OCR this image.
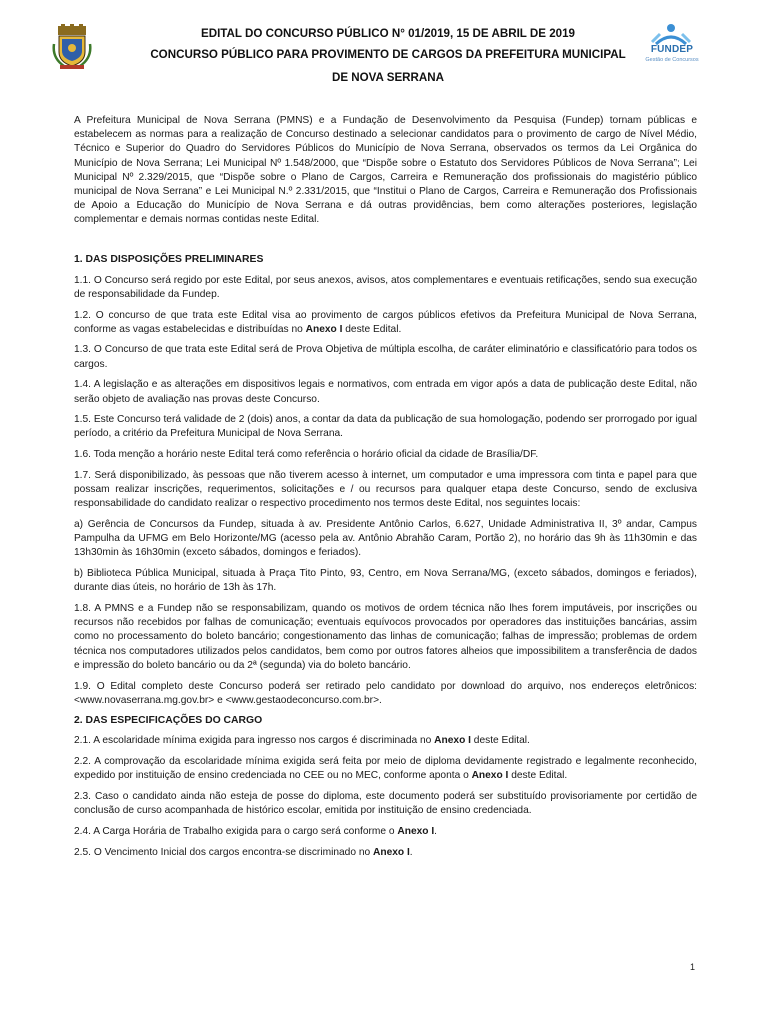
FUNDEP
Gestão de Concursos
EDITAL DO CONCURSO PÚBLICO N° 01/2019, 15 DE ABRIL DE 2019
CONCURSO PÚBLICO PARA PROVIMENTO DE CARGOS DA PREFEITURA MUNICIPAL
DE NOVA SERRANA

A Prefeitura Municipal de Nova Serrana (PMNS) e a Fundação de Desenvolvimento da Pesquisa (Fundep) tornam públicas e estabelecem as normas para a realização de Concurso destinado a selecionar candidatos para o provimento de cargo de Nível Médio, Técnico e Superior do Quadro do Servidores Públicos do Município de Nova Serrana, observados os termos da Lei Orgânica do Município de Nova Serrana; Lei Municipal Nº 1.548/2000, que “Dispõe sobre o Estatuto dos Servidores Públicos de Nova Serrana”; Lei Municipal Nº 2.329/2015, que “Dispõe sobre o Plano de Cargos, Carreira e Remuneração dos profissionais do magistério público municipal de Nova Serrana” e Lei Municipal N.º 2.331/2015, que “Institui o Plano de Cargos, Carreira e Remuneração dos Profissionais de Apoio a Educação do Município de Nova Serrana e dá outras providências, bem como alterações posteriores, legislação complementar e demais normas contidas neste Edital.

1. DAS DISPOSIÇÕES PRELIMINARES

1.1. O Concurso será regido por este Edital, por seus anexos, avisos, atos complementares e eventuais retificações, sendo sua execução de responsabilidade da Fundep.

1.2. O concurso de que trata este Edital visa ao provimento de cargos públicos efetivos da Prefeitura Municipal de Nova Serrana, conforme as vagas estabelecidas e distribuídas no Anexo I deste Edital.

1.3. O Concurso de que trata este Edital será de Prova Objetiva de múltipla escolha, de caráter eliminatório e classificatório para todos os cargos.

1.4. A legislação e as alterações em dispositivos legais e normativos, com entrada em vigor após a data de publicação deste Edital, não serão objeto de avaliação nas provas deste Concurso.

1.5. Este Concurso terá validade de 2 (dois) anos, a contar da data da publicação de sua homologação, podendo ser prorrogado por igual período, a critério da Prefeitura Municipal de Nova Serrana.

1.6. Toda menção a horário neste Edital terá como referência o horário oficial da cidade de Brasília/DF.

1.7. Será disponibilizado, às pessoas que não tiverem acesso à internet, um computador e uma impressora com tinta e papel para que possam realizar inscrições, requerimentos, solicitações e / ou recursos para qualquer etapa deste Concurso, sendo de exclusiva responsabilidade do candidato realizar o respectivo procedimento nos termos deste Edital, nos seguintes locais:

a) Gerência de Concursos da Fundep, situada à av. Presidente Antônio Carlos, 6.627, Unidade Administrativa II, 3º andar, Campus Pampulha da UFMG em Belo Horizonte/MG (acesso pela av. Antônio Abrahão Caram, Portão 2), no horário das 9h às 11h30min e das 13h30min às 16h30min (exceto sábados, domingos e feriados).

b) Biblioteca Pública Municipal, situada à Praça Tito Pinto, 93, Centro, em Nova Serrana/MG, (exceto sábados, domingos e feriados), durante dias úteis, no horário de 13h às 17h.

1.8. A PMNS e a Fundep não se responsabilizam, quando os motivos de ordem técnica não lhes forem imputáveis, por inscrições ou recursos não recebidos por falhas de comunicação; eventuais equívocos provocados por operadores das instituições bancárias, assim como no processamento do boleto bancário; congestionamento das linhas de comunicação; falhas de impressão; problemas de ordem técnica nos computadores utilizados pelos candidatos, bem como por outros fatores alheios que impossibilitem a transferência de dados e impressão do boleto bancário ou da 2ª (segunda) via do boleto bancário.

1.9. O Edital completo deste Concurso poderá ser retirado pelo candidato por download do arquivo, nos endereços eletrônicos: <www.novaserrana.mg.gov.br> e <www.gestaodeconcurso.com.br>.

2. DAS ESPECIFICAÇÕES DO CARGO

2.1. A escolaridade mínima exigida para ingresso nos cargos é discriminada no Anexo I deste Edital.

2.2. A comprovação da escolaridade mínima exigida será feita por meio de diploma devidamente registrado e legalmente reconhecido, expedido por instituição de ensino credenciada no CEE ou no MEC, conforme aponta o Anexo I deste Edital.

2.3. Caso o candidato ainda não esteja de posse do diploma, este documento poderá ser substituído provisoriamente por certidão de conclusão de curso acompanhada de histórico escolar, emitida por instituição de ensino credenciada.

2.4. A Carga Horária de Trabalho exigida para o cargo será conforme o Anexo I.

2.5. O Vencimento Inicial dos cargos encontra-se discriminado no Anexo I.

1
